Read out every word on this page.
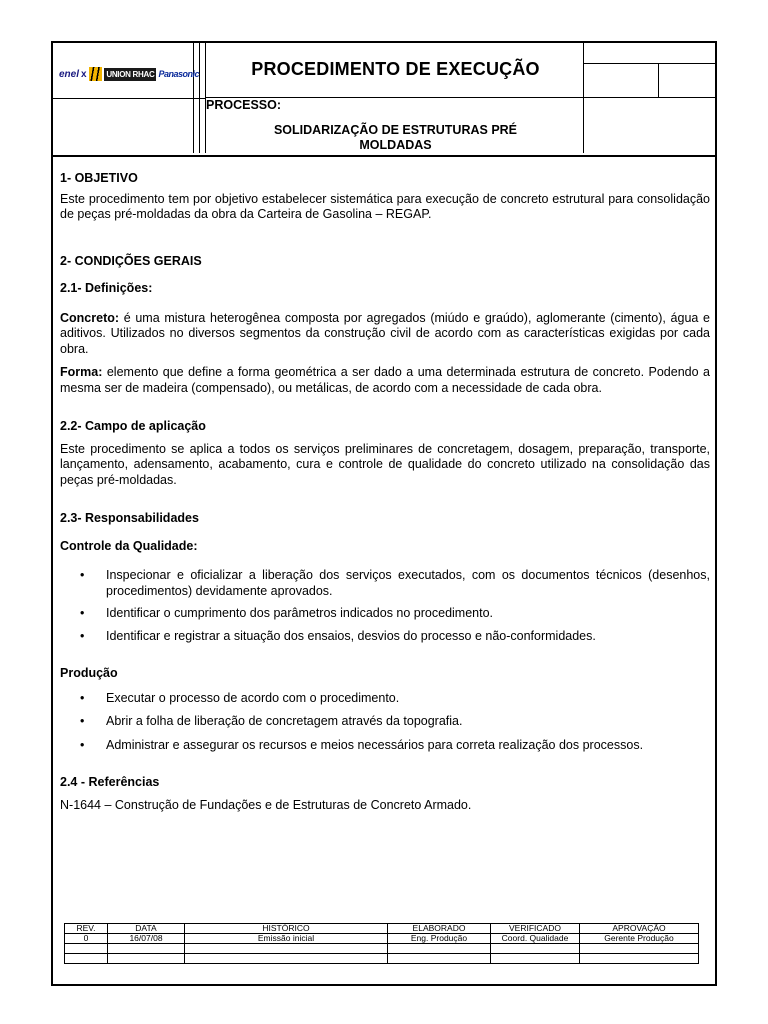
enel x UNION RHAC Panasonic	PROCEDIMENTO DE EXECUÇÃO
PROCESSO:
SOLIDARIZAÇÃO DE ESTRUTURAS PRÉ
MOLDADAS

1- OBJETIVO

Este procedimento tem por objetivo estabelecer sistemática para execução de concreto estrutural para consolidação de peças pré-moldadas da obra da Carteira de Gasolina – REGAP.

2- CONDIÇÕES GERAIS

2.1- Definições:

Concreto: é uma mistura heterogênea composta por agregados (miúdo e graúdo), aglomerante (cimento), água e aditivos. Utilizados no diversos segmentos da construção civil de acordo com as características exigidas por cada obra.

Forma: elemento que define a forma geométrica a ser dado a uma determinada estrutura de concreto. Podendo a mesma ser de madeira (compensado), ou metálicas, de acordo com a necessidade de cada obra.

2.2- Campo de aplicação

Este procedimento se aplica a todos os serviços preliminares de concretagem, dosagem, preparação, transporte, lançamento, adensamento, acabamento, cura e controle de qualidade do concreto utilizado na consolidação das peças pré-moldadas.

2.3- Responsabilidades

Controle da Qualidade:

• Inspecionar e oficializar a liberação dos serviços executados, com os documentos técnicos (desenhos, procedimentos) devidamente aprovados.

• Identificar o cumprimento dos parâmetros indicados no procedimento.

• Identificar e registrar a situação dos ensaios, desvios do processo e não-conformidades.

Produção

• Executar o processo de acordo com o procedimento.

• Abrir a folha de liberação de concretagem através da topografia.

• Administrar e assegurar os recursos e meios necessários para correta realização dos processos.

2.4 - Referências

N-1644 – Construção de Fundações e de Estruturas de Concreto Armado.

REV.	DATA	HISTÓRICO	ELABORADO	VERIFICADO	APROVAÇÃO
0	16/07/08	Emissão inicial	Eng. Produção	Coord. Qualidade	Gerente Produção
